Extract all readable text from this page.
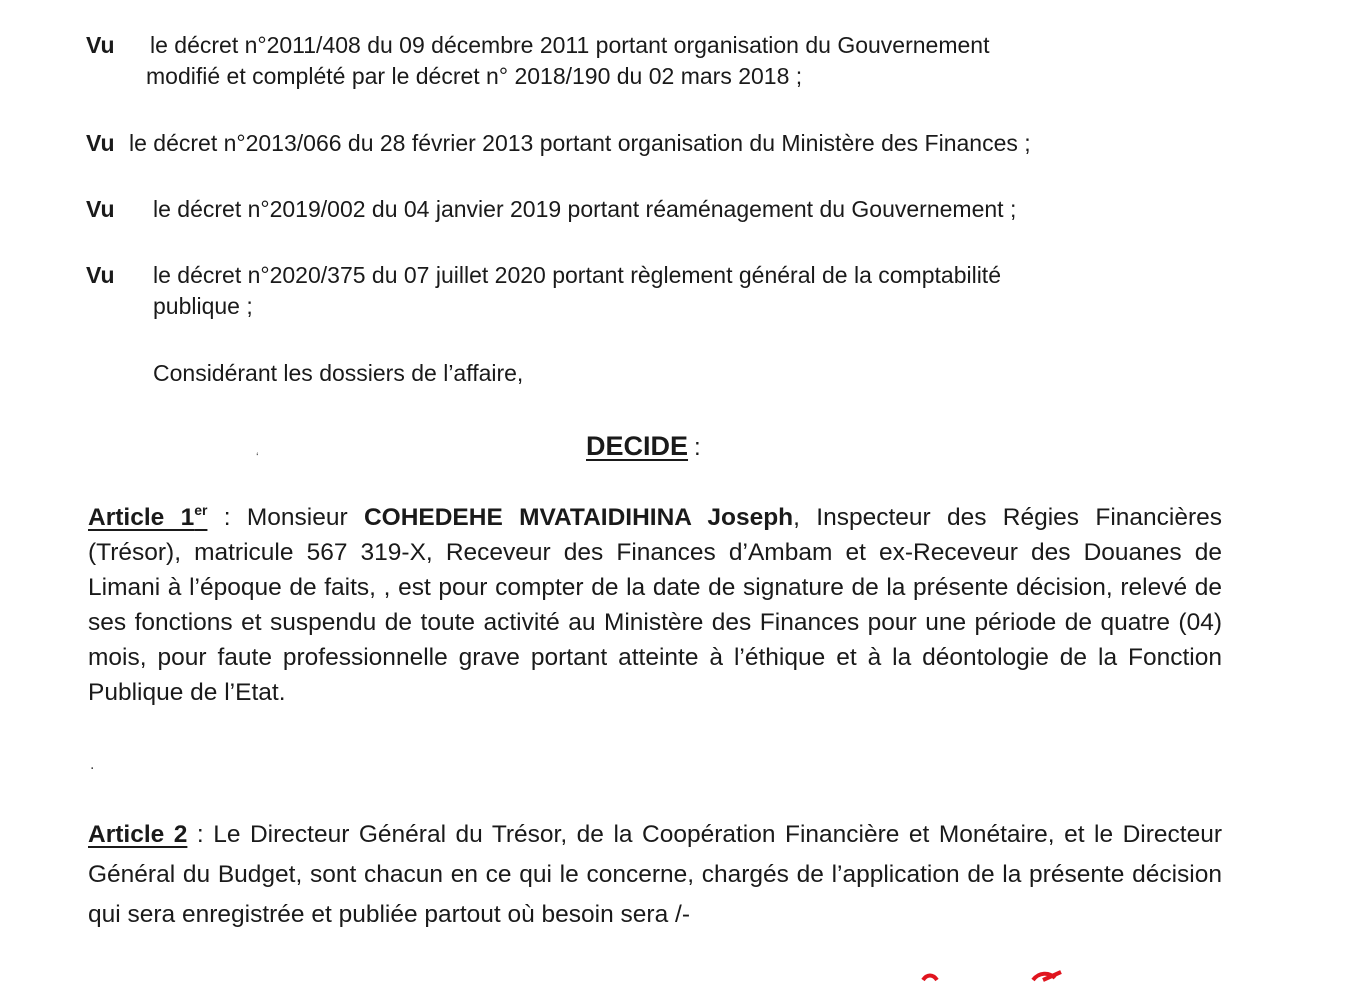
Vu le décret n°2011/408 du 09 décembre 2011 portant organisation du Gouvernement
modifié et complété par le décret n° 2018/190 du 02 mars 2018 ;
Vu le décret n°2013/066 du 28 février 2013 portant organisation du Ministère des Finances ;
Vu le décret n°2019/002 du 04 janvier 2019 portant réaménagement du Gouvernement ;
Vu le décret n°2020/375 du 07 juillet 2020 portant règlement général de la comptabilité
publique ;
Considérant les dossiers de l’affaire,
DECIDE :
‘
Article 1er : Monsieur COHEDEHE MVATAIDIHINA Joseph, Inspecteur des Régies Financières (Trésor), matricule 567 319-X, Receveur des Finances d’Ambam et ex-Receveur des Douanes de Limani à l’époque de faits, , est pour compter de la date de signature de la présente décision, relevé de ses fonctions et suspendu de toute activité au Ministère des Finances pour une période de quatre (04) mois, pour faute professionnelle grave portant atteinte à l’éthique et à la déontologie de la Fonction Publique de l’Etat.
.
Article 2 : Le Directeur Général du Trésor, de la Coopération Financière et Monétaire, et le Directeur Général du Budget, sont chacun en ce qui le concerne, chargés de l’application de la présente décision qui sera enregistrée et publiée partout où besoin sera /-
